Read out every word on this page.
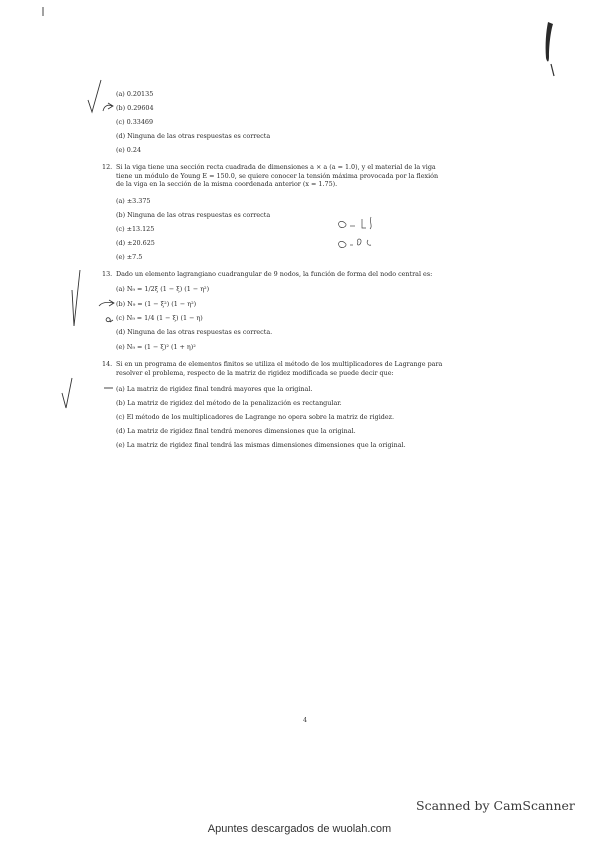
(a) 0.20135
(b) 0.29604
(c) 0.33469
(d) Ninguna de las otras respuestas es correcta
(e) 0.24
12. Si la viga tiene una sección recta cuadrada de dimensiones a × a (a = 1.0), y el material de la viga tiene un módulo de Young E = 150.0, se quiere conocer la tensión máxima provocada por la flexión de la viga en la sección de la misma coordenada anterior (x = 1.75).
(a) ±3.375
(b) Ninguna de las otras respuestas es correcta
(c) ±13.125
(d) ±20.625
(e) ±7.5
13. Dado un elemento lagrangiano cuadrangular de 9 nodos, la función de forma del nodo central es:
(a) N₉ = 1/2ξ (1 − ξ) (1 − η²)
(b) N₉ = (1 − ξ²) (1 − η²)
(c) N₉ = 1/4 (1 − ξ) (1 − η)
(d) Ninguna de las otras respuestas es correcta.
(e) N₉ = (1 − ξ)² (1 + η)²
14. Si en un programa de elementos finitos se utiliza el método de los multiplicadores de Lagrange para resolver el problema, respecto de la matriz de rigidez modificada se puede decir que:
(a) La matriz de rigidez final tendrá mayores que la original.
(b) La matriz de rigidez del método de la penalización es rectangular.
(c) El método de los multiplicadores de Lagrange no opera sobre la matriz de rigidez.
(d) La matriz de rigidez final tendrá menores dimensiones que la original.
(e) La matriz de rigidez final tendrá las mismas dimensiones dimensiones que la original.
4
Scanned by CamScanner
Apuntes descargados de wuolah.com
